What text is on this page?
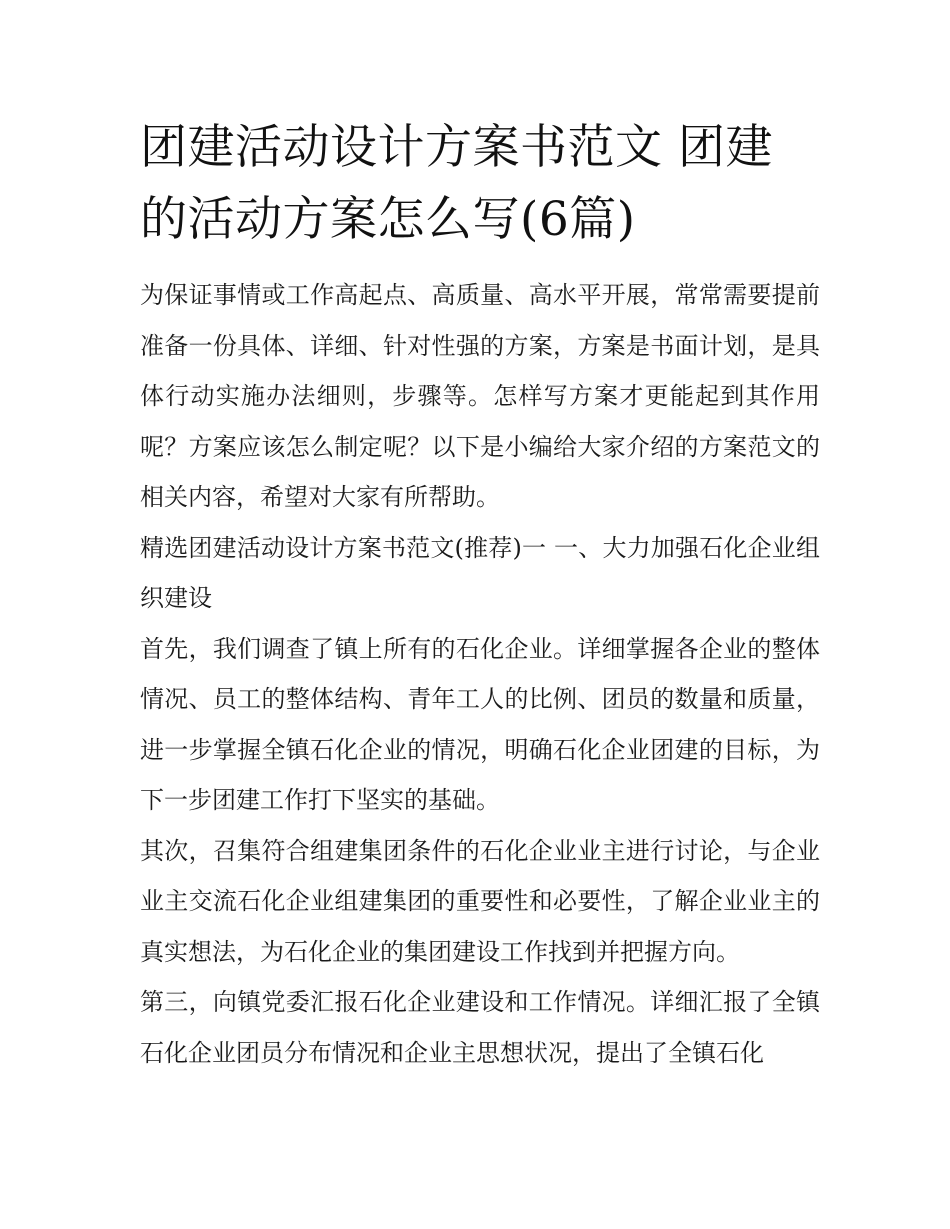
团建活动设计方案书范文 团建的活动方案怎么写(6篇)

为保证事情或工作高起点、高质量、高水平开展，常常需要提前准备一份具体、详细、针对性强的方案，方案是书面计划，是具体行动实施办法细则，步骤等。怎样写方案才更能起到其作用呢？方案应该怎么制定呢？以下是小编给大家介绍的方案范文的相关内容，希望对大家有所帮助。

精选团建活动设计方案书范文(推荐)一 一、大力加强石化企业组织建设

首先，我们调查了镇上所有的石化企业。详细掌握各企业的整体情况、员工的整体结构、青年工人的比例、团员的数量和质量，进一步掌握全镇石化企业的情况，明确石化企业团建的目标，为下一步团建工作打下坚实的基础。

其次，召集符合组建集团条件的石化企业业主进行讨论，与企业业主交流石化企业组建集团的重要性和必要性，了解企业业主的真实想法，为石化企业的集团建设工作找到并把握方向。

第三，向镇党委汇报石化企业建设和工作情况。详细汇报了全镇石化企业团员分布情况和企业主思想状况，提出了全镇石化
